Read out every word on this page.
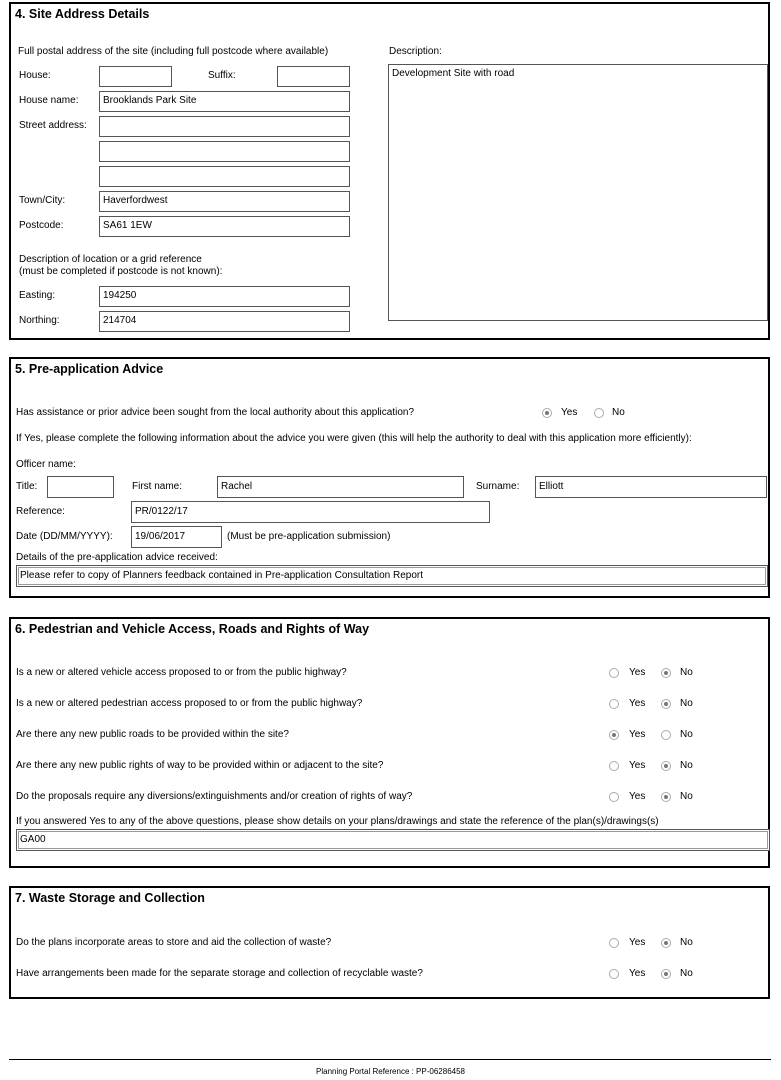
4. Site Address Details
Full postal address of the site (including full postcode where available)
House:	Suffix:
House name:	Brooklands Park Site
Street address:
Town/City:	Haverfordwest
Postcode:	SA61 1EW
Description of location or a grid reference
(must be completed if postcode is not known):
Easting:	194250
Northing:	214704
Description:
Development Site with road
5. Pre-application Advice
Has assistance or prior advice been sought from the local authority about this application?	Yes	No
If Yes, please complete the following information about the advice you were given (this will help the authority to deal with this application more efficiently):
Officer name:
Title:	First name:	Rachel	Surname:	Elliott
Reference:	PR/0122/17
Date (DD/MM/YYYY):	19/06/2017	(Must be pre-application submission)
Details of the pre-application advice received:
Please refer to copy of Planners feedback contained in Pre-application Consultation Report
6. Pedestrian and Vehicle Access, Roads and Rights of Way
Is a new or altered vehicle access proposed to or from the public highway?	Yes	No
Is a new or altered pedestrian access proposed to or from the public highway?	Yes	No
Are there any new public roads to be provided within the site?	Yes	No
Are there any new public rights of way to be provided within or adjacent to the site?	Yes	No
Do the proposals require any diversions/extinguishments and/or creation of rights of way?	Yes	No
If you answered Yes to any of the above questions, please show details on your plans/drawings and state the reference of the plan(s)/drawings(s)
GA00
7. Waste Storage and Collection
Do the plans incorporate areas to store and aid the collection of waste?	Yes	No
Have arrangements been made for the separate storage and collection of recyclable waste?	Yes	No
Planning Portal Reference : PP-06286458
